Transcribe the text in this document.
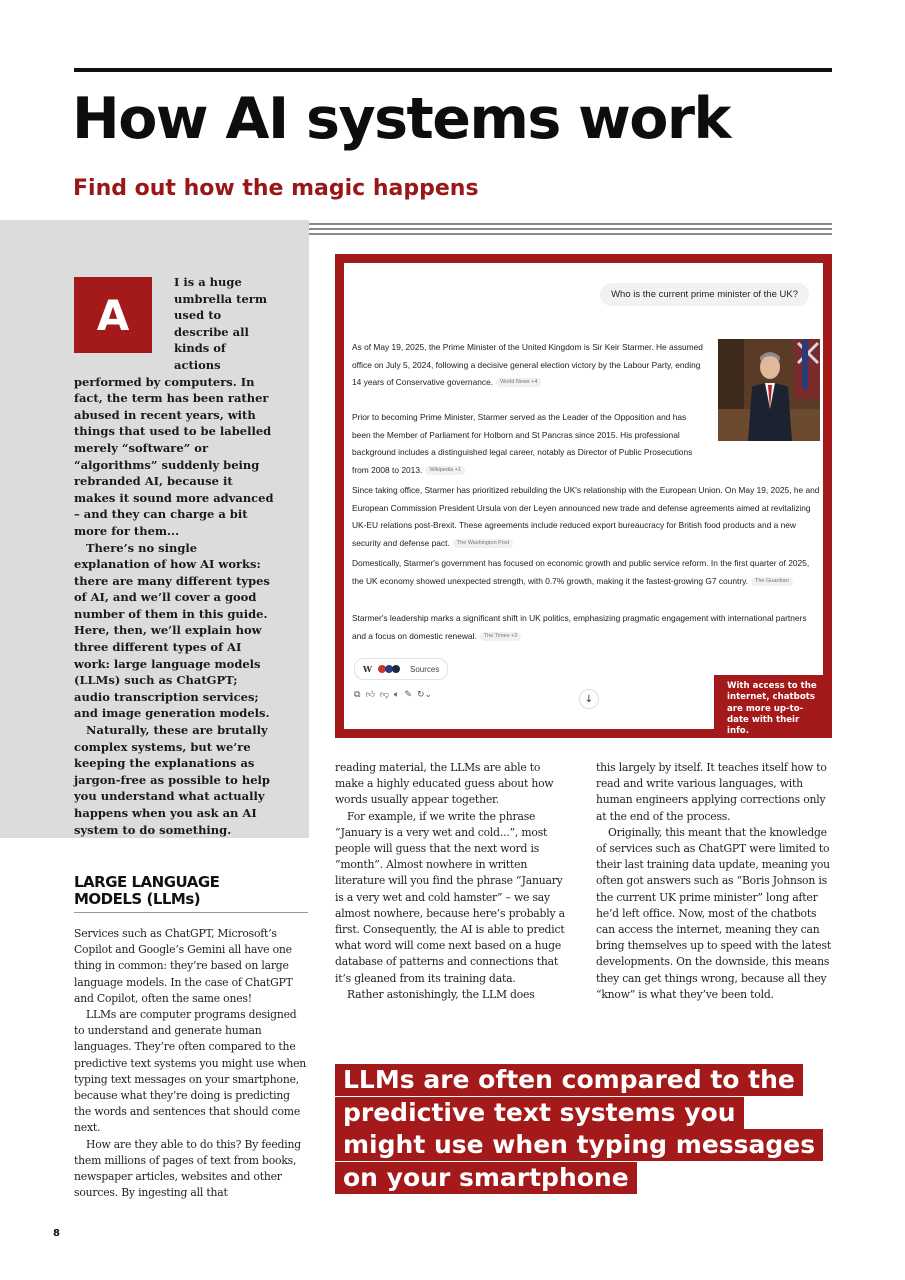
How AI systems work
Find out how the magic happens
A

I is a huge umbrella term used to describe all kinds of actions performed by computers. In fact, the term has been rather abused in recent years, with things that used to be labelled merely “software” or “algorithms” suddenly being rebranded AI, because it makes it sound more advanced – and they can charge a bit more for them...

There’s no single explanation of how AI works: there are many different types of AI, and we’ll cover a good number of them in this guide. Here, then, we’ll explain how three different types of AI work: large language models (LLMs) such as ChatGPT; audio transcription services; and image generation models.

Naturally, these are brutally complex systems, but we’re keeping the explanations as jargon-free as possible to help you understand what actually happens when you ask an AI system to do something.

Who is the current prime minister of the UK?

As of May 19, 2025, the Prime Minister of the United Kingdom is Sir Keir Starmer. He assumed office on July 5, 2024, following a decisive general election victory by the Labour Party, ending 14 years of Conservative governance. World News +4

Prior to becoming Prime Minister, Starmer served as the Leader of the Opposition and has been the Member of Parliament for Holborn and St Pancras since 2015. His professional background includes a distinguished legal career, notably as Director of Public Prosecutions from 2008 to 2013. Wikipedia +1

Since taking office, Starmer has prioritized rebuilding the UK's relationship with the European Union. On May 19, 2025, he and European Commission President Ursula von der Leyen announced new trade and defense agreements aimed at revitalizing UK-EU relations post-Brexit. These agreements include reduced export bureaucracy for British food products and a new security and defense pact. The Washington Post

Domestically, Starmer's government has focused on economic growth and public service reform. In the first quarter of 2025, the UK economy showed unexpected strength, with 0.7% growth, making it the fastest-growing G7 country. The Guardian

Starmer's leadership marks a significant shift in UK politics, emphasizing pragmatic engagement with international partners and a focus on domestic renewal. The Times +3

W	Sources
⧉ 👍︎ 👎︎ 🔈︎ ✎ ↻⌄	↓
With access to the internet, chatbots are more up-to-date with their info.
LARGE LANGUAGE
MODELS (LLMs)

Services such as ChatGPT, Microsoft’s Copilot and Google’s Gemini all have one thing in common: they’re based on large language models. In the case of ChatGPT and Copilot, often the same ones!

LLMs are computer programs designed to understand and generate human languages. They’re often compared to the predictive text systems you might use when typing text messages on your smartphone, because what they’re doing is predicting the words and sentences that should come next.

How are they able to do this? By feeding them millions of pages of text from books, newspaper articles, websites and other sources. By ingesting all that

reading material, the LLMs are able to make a highly educated guess about how words usually appear together.

For example, if we write the phrase “January is a very wet and cold...”, most people will guess that the next word is “month”. Almost nowhere in written literature will you find the phrase “January is a very wet and cold hamster” – we say almost nowhere, because here’s probably a first. Consequently, the AI is able to predict what word will come next based on a huge database of patterns and connections that it’s gleaned from its training data.

Rather astonishingly, the LLM does

this largely by itself. It teaches itself how to read and write various languages, with human engineers applying corrections only at the end of the process.

Originally, this meant that the knowledge of services such as ChatGPT were limited to their last training data update, meaning you often got answers such as “Boris Johnson is the current UK prime minister” long after he’d left office. Now, most of the chatbots can access the internet, meaning they can bring themselves up to speed with the latest developments. On the downside, this means they can get things wrong, because all they “know” is what they’ve been told.

LLMs are often compared to the predictive text systems you might use when typing messages on your smartphone
8
